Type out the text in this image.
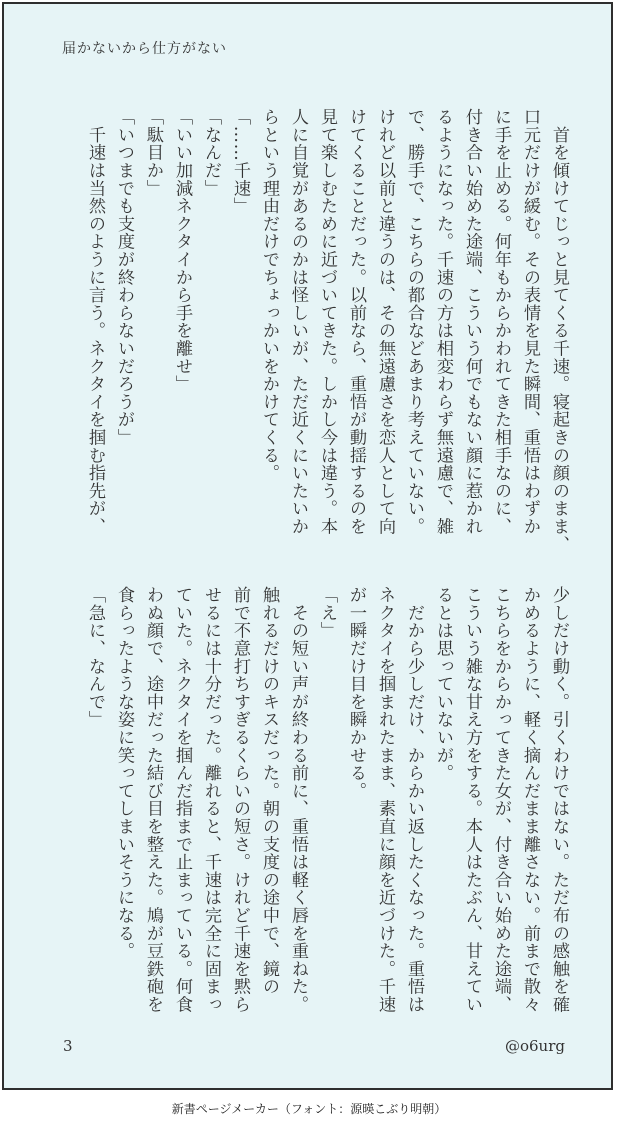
届かないから仕方がない
　首を傾けてじっと見てくる千速。寝起きの顔のまま、
口元だけが緩む。その表情を見た瞬間、重悟はわずか
に手を止める。何年もからかわれてきた相手なのに、
付き合い始めた途端、こういう何でもない顔に惹かれ
るようになった。千速の方は相変わらず無遠慮で、雑
で、勝手で、こちらの都合などあまり考えていない。
けれど以前と違うのは、その無遠慮さを恋人として向
けてくることだった。以前なら、重悟が動揺するのを
見て楽しむために近づいてきた。しかし今は違う。本
人に自覚があるのかは怪しいが、ただ近くにいたいか
らという理由だけでちょっかいをかけてくる。
「……千速」
「なんだ」
「いい加減ネクタイから手を離せ」
「駄目か」
「いつまでも支度が終わらないだろうが」
　千速は当然のように言う。ネクタイを掴む指先が、
少しだけ動く。引くわけではない。ただ布の感触を確
かめるように、軽く摘んだまま離さない。前まで散々
こちらをからかってきた女が、付き合い始めた途端、
こういう雑な甘え方をする。本人はたぶん、甘えてい
るとは思っていないが。
　だから少しだけ、からかい返したくなった。重悟は
ネクタイを掴まれたまま、素直に顔を近づけた。千速
が一瞬だけ目を瞬かせる。
「え」
　その短い声が終わる前に、重悟は軽く唇を重ねた。
触れるだけのキスだった。朝の支度の途中で、鏡の
前で不意打ちすぎるくらいの短さ。けれど千速を黙ら
せるには十分だった。離れると、千速は完全に固まっ
ていた。ネクタイを掴んだ指まで止まっている。何食
わぬ顔で、途中だった結び目を整えた。鳩が豆鉄砲を
食らったような姿に笑ってしまいそうになる。
「急に、なんで」
3	@o6urg
新書ページメーカー（フォント：源暎こぶり明朝）
